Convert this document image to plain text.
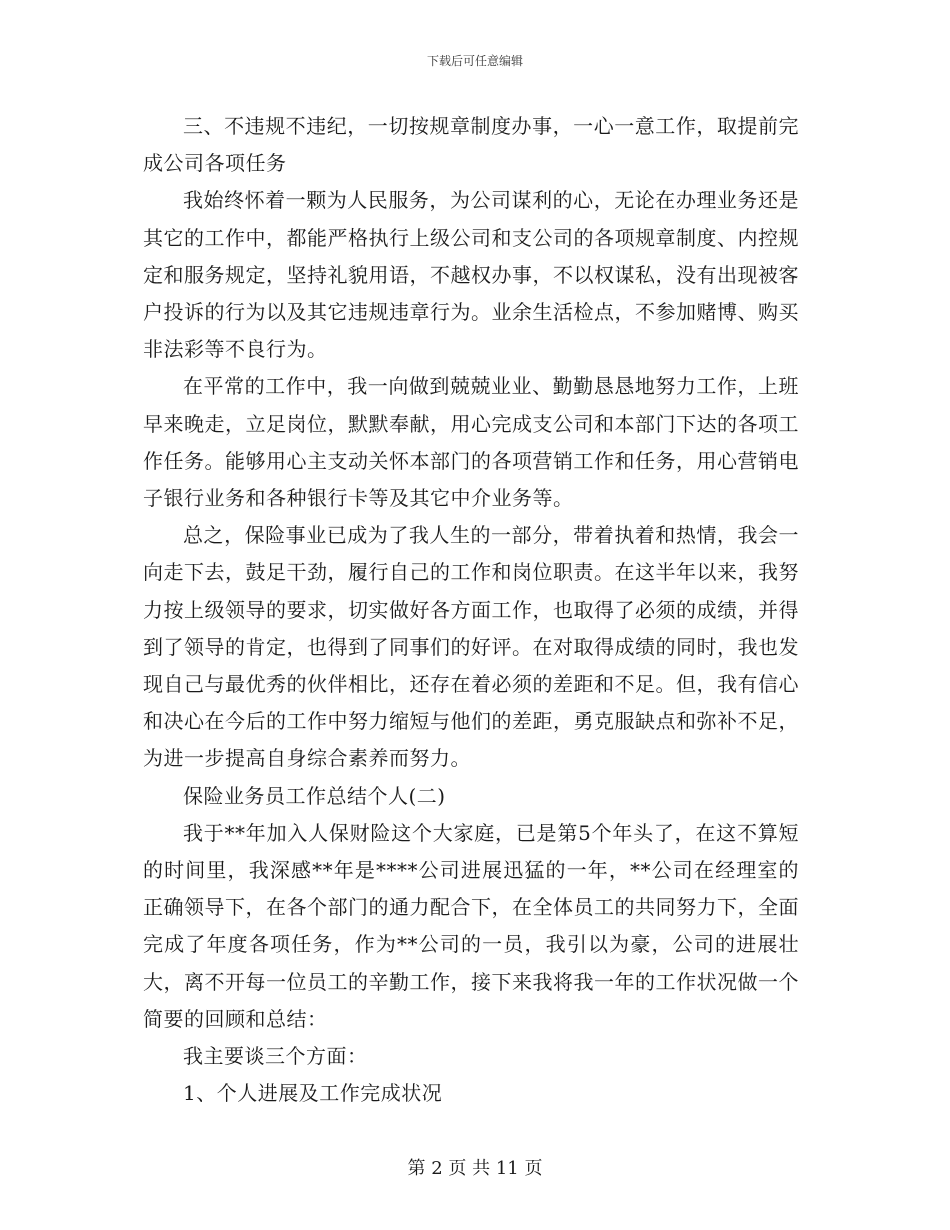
下载后可任意编辑

三、不违规不违纪，一切按规章制度办事，一心一意工作，取提前完成公司各项任务

我始终怀着一颗为人民服务，为公司谋利的心，无论在办理业务还是其它的工作中，都能严格执行上级公司和支公司的各项规章制度、内控规定和服务规定，坚持礼貌用语，不越权办事，不以权谋私，没有出现被客户投诉的行为以及其它违规违章行为。业余生活检点，不参加赌博、购买非法彩等不良行为。

在平常的工作中，我一向做到兢兢业业、勤勤恳恳地努力工作，上班早来晚走，立足岗位，默默奉献，用心完成支公司和本部门下达的各项工作任务。能够用心主支动关怀本部门的各项营销工作和任务，用心营销电子银行业务和各种银行卡等及其它中介业务等。

总之，保险事业已成为了我人生的一部分，带着执着和热情，我会一向走下去，鼓足干劲，履行自己的工作和岗位职责。在这半年以来，我努力按上级领导的要求，切实做好各方面工作，也取得了必须的成绩，并得到了领导的肯定，也得到了同事们的好评。在对取得成绩的同时，我也发现自己与最优秀的伙伴相比，还存在着必须的差距和不足。但，我有信心和决心在今后的工作中努力缩短与他们的差距，勇克服缺点和弥补不足，为进一步提高自身综合素养而努力。

保险业务员工作总结个人(二)

我于**年加入人保财险这个大家庭，已是第5个年头了，在这不算短的时间里，我深感**年是****公司进展迅猛的一年，**公司在经理室的正确领导下，在各个部门的通力配合下，在全体员工的共同努力下，全面完成了年度各项任务，作为**公司的一员，我引以为豪，公司的进展壮大，离不开每一位员工的辛勤工作，接下来我将我一年的工作状况做一个简要的回顾和总结：

我主要谈三个方面：

1、个人进展及工作完成状况

第 2 页 共 11 页
